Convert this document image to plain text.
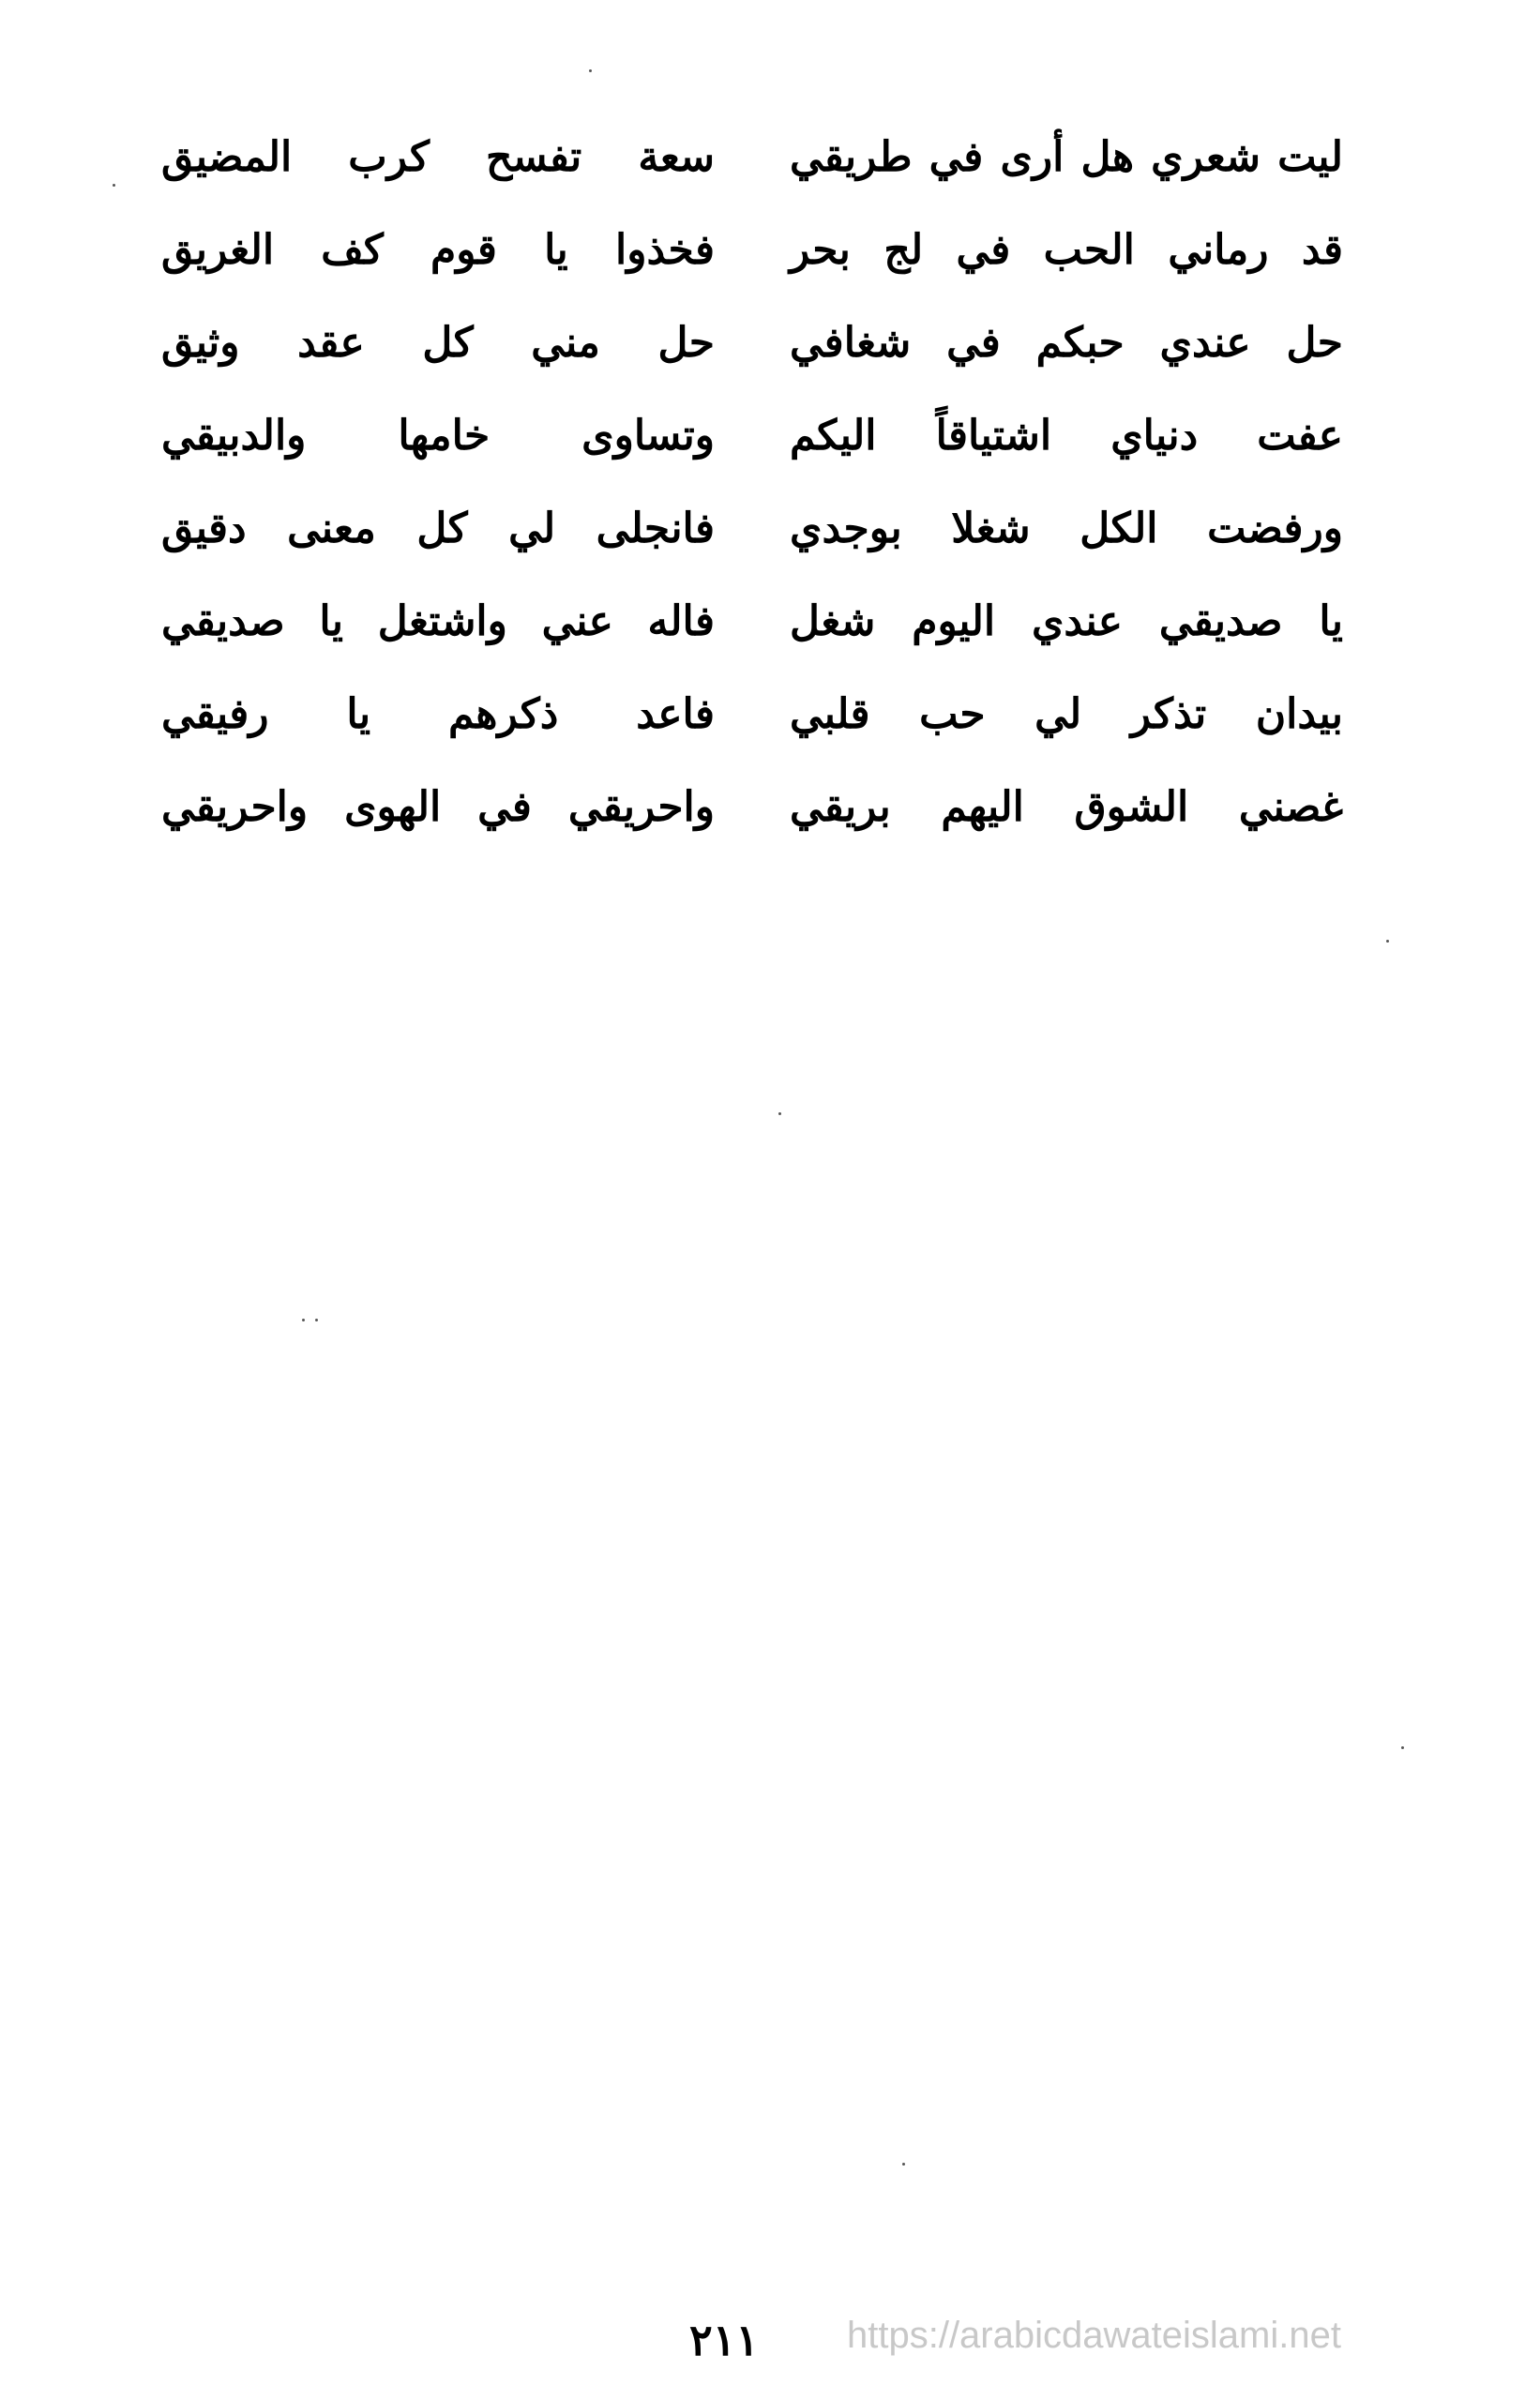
ليت شعري هل أرى في طريقي
سعة تفسح كرب المضيق
قد رماني الحب في لج بحر
فخذوا يا قوم كف الغريق
حل عندي حبكم في شغافي
حل مني كل عقد وثيق
عفت دنياي اشتياقاً اليكم
وتساوى خامها والدبيقي
ورفضت الكل شغلا بوجدي
فانجلى لي كل معنى دقيق
يا صديقي عندي اليوم شغل
فاله عني واشتغل يا صديقي
بيدان تذكر لي حب قلبي
فاعد ذكرهم يا رفيقي
غصني الشوق اليهم بريقي
واحريقي في الهوى واحريقي
٢١١ https://arabicdawateislami.net
